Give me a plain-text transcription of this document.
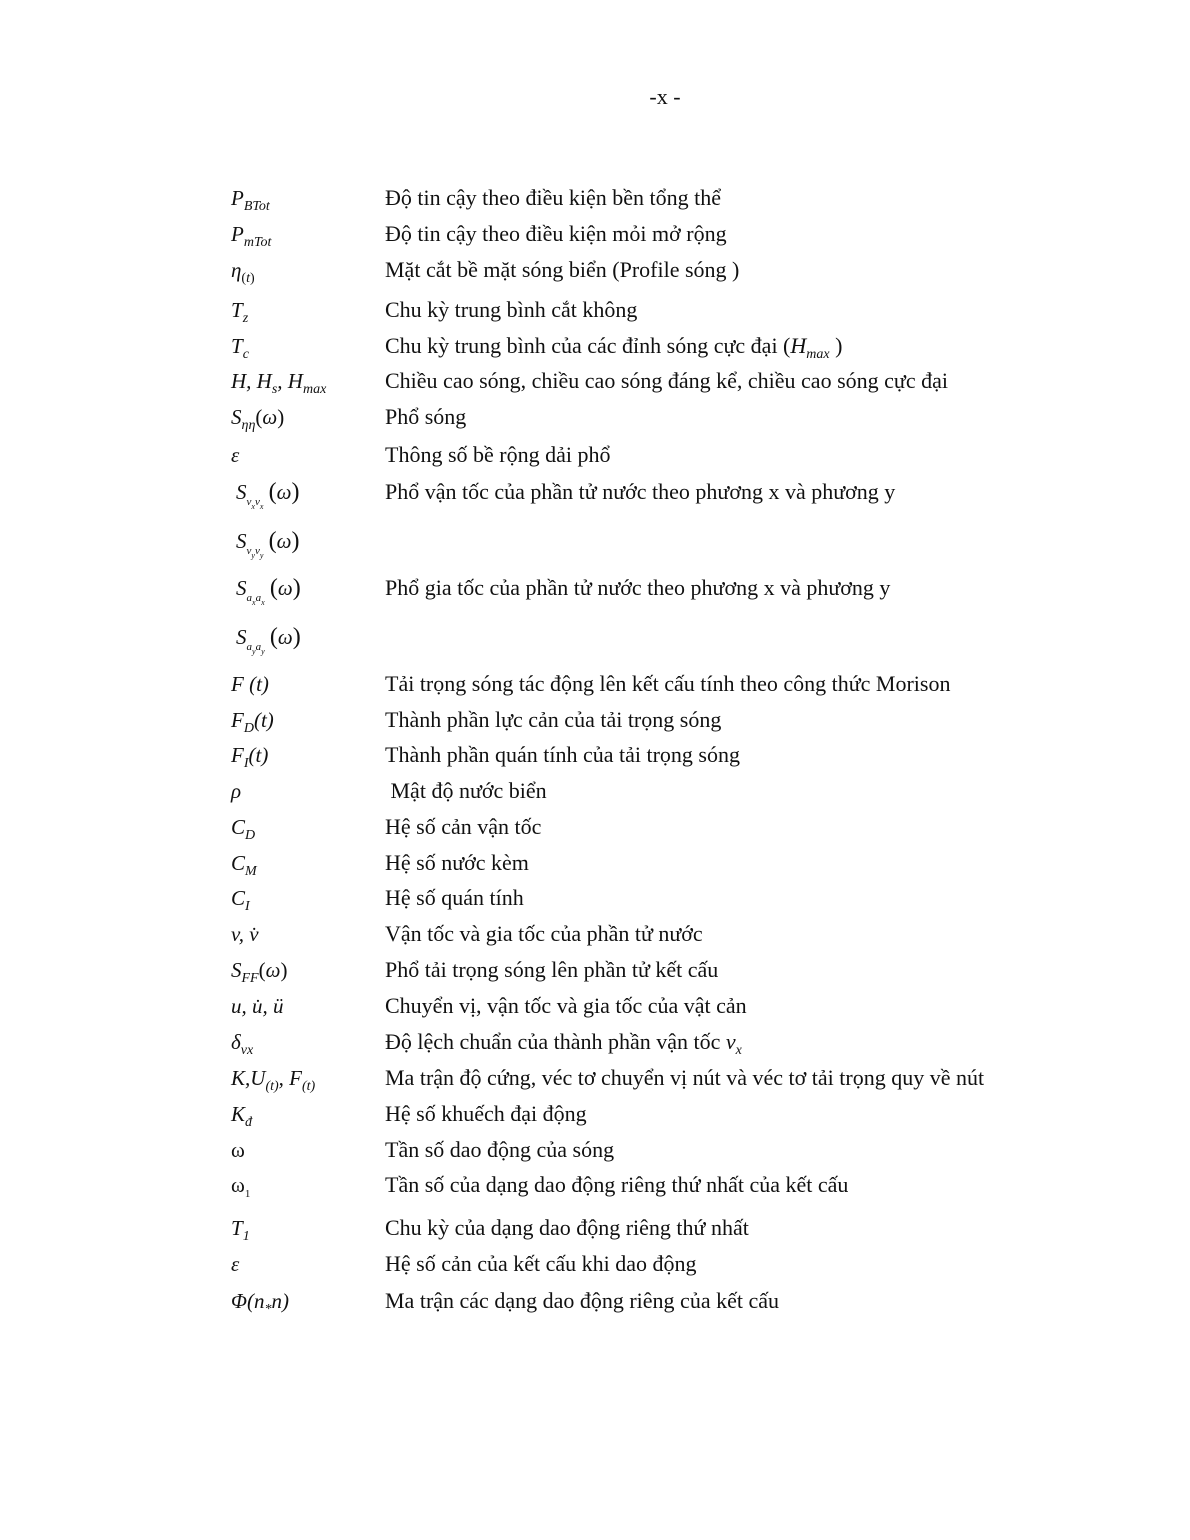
-x -
$P_{BTot}$	Độ tin cậy theo điều kiện bền tổng thể
$P_{mTot}$	Độ tin cậy theo điều kiện mỏi mở rộng
$\eta_{(t)}$	Mặt cắt bề mặt sóng biển (Profile sóng )
$T_z$	Chu kỳ trung bình cắt không
$T_c$	Chu kỳ trung bình của các đỉnh sóng cực đại ($H_{max}$ )
H, $H_s$, $H_{max}$	Chiều cao sóng, chiều cao sóng đáng kể, chiều cao sóng cực đại
$S_{\eta\eta}(\omega)$	Phổ sóng
ε	Thông số bề rộng dải phổ
$S_{v_xv_x}$ (ω)	Phổ vận tốc của phần tử nước theo phương x và phương y
$S_{v_yv_y}$ (ω)
$S_{a_xa_x}$ (ω)	Phổ gia tốc của phần tử nước theo phương x và phương y
$S_{a_ya_y}$ (ω)
F (t)	Tải trọng sóng tác động lên kết cấu tính theo công thức Morison
$F_D(t)$	Thành phần lực cản của tải trọng sóng
$F_I(t)$	Thành phần quán tính của tải trọng sóng
ρ	Mật độ nước biển
$C_D$	Hệ số cản vận tốc
$C_M$	Hệ số nước kèm
$C_I$	Hệ số quán tính
v, v̇	Vận tốc và gia tốc của phần tử nước
$S_{FF}(\omega)$	Phổ tải trọng sóng lên phần tử kết cấu
u, u̇, ü	Chuyển vị, vận tốc và gia tốc của vật cản
$\delta_{vx}$	Độ lệch chuẩn của thành phần vận tốc $v_x$
$K,U_{(t)}$, $F_{(t)}$	Ma trận độ cứng, véc tơ chuyển vị nút và véc tơ tải trọng quy về nút
$K_đ$	Hệ số khuếch đại động
ω	Tần số dao động của sóng
$\omega_1$	Tần số của dạng dao động riêng thứ nhất của kết cấu
$T_1$	Chu kỳ của dạng dao động riêng thứ nhất
ε	Hệ số cản của kết cấu khi dao động
$\Phi(n_*n)$	Ma trận các dạng dao động riêng của kết cấu
